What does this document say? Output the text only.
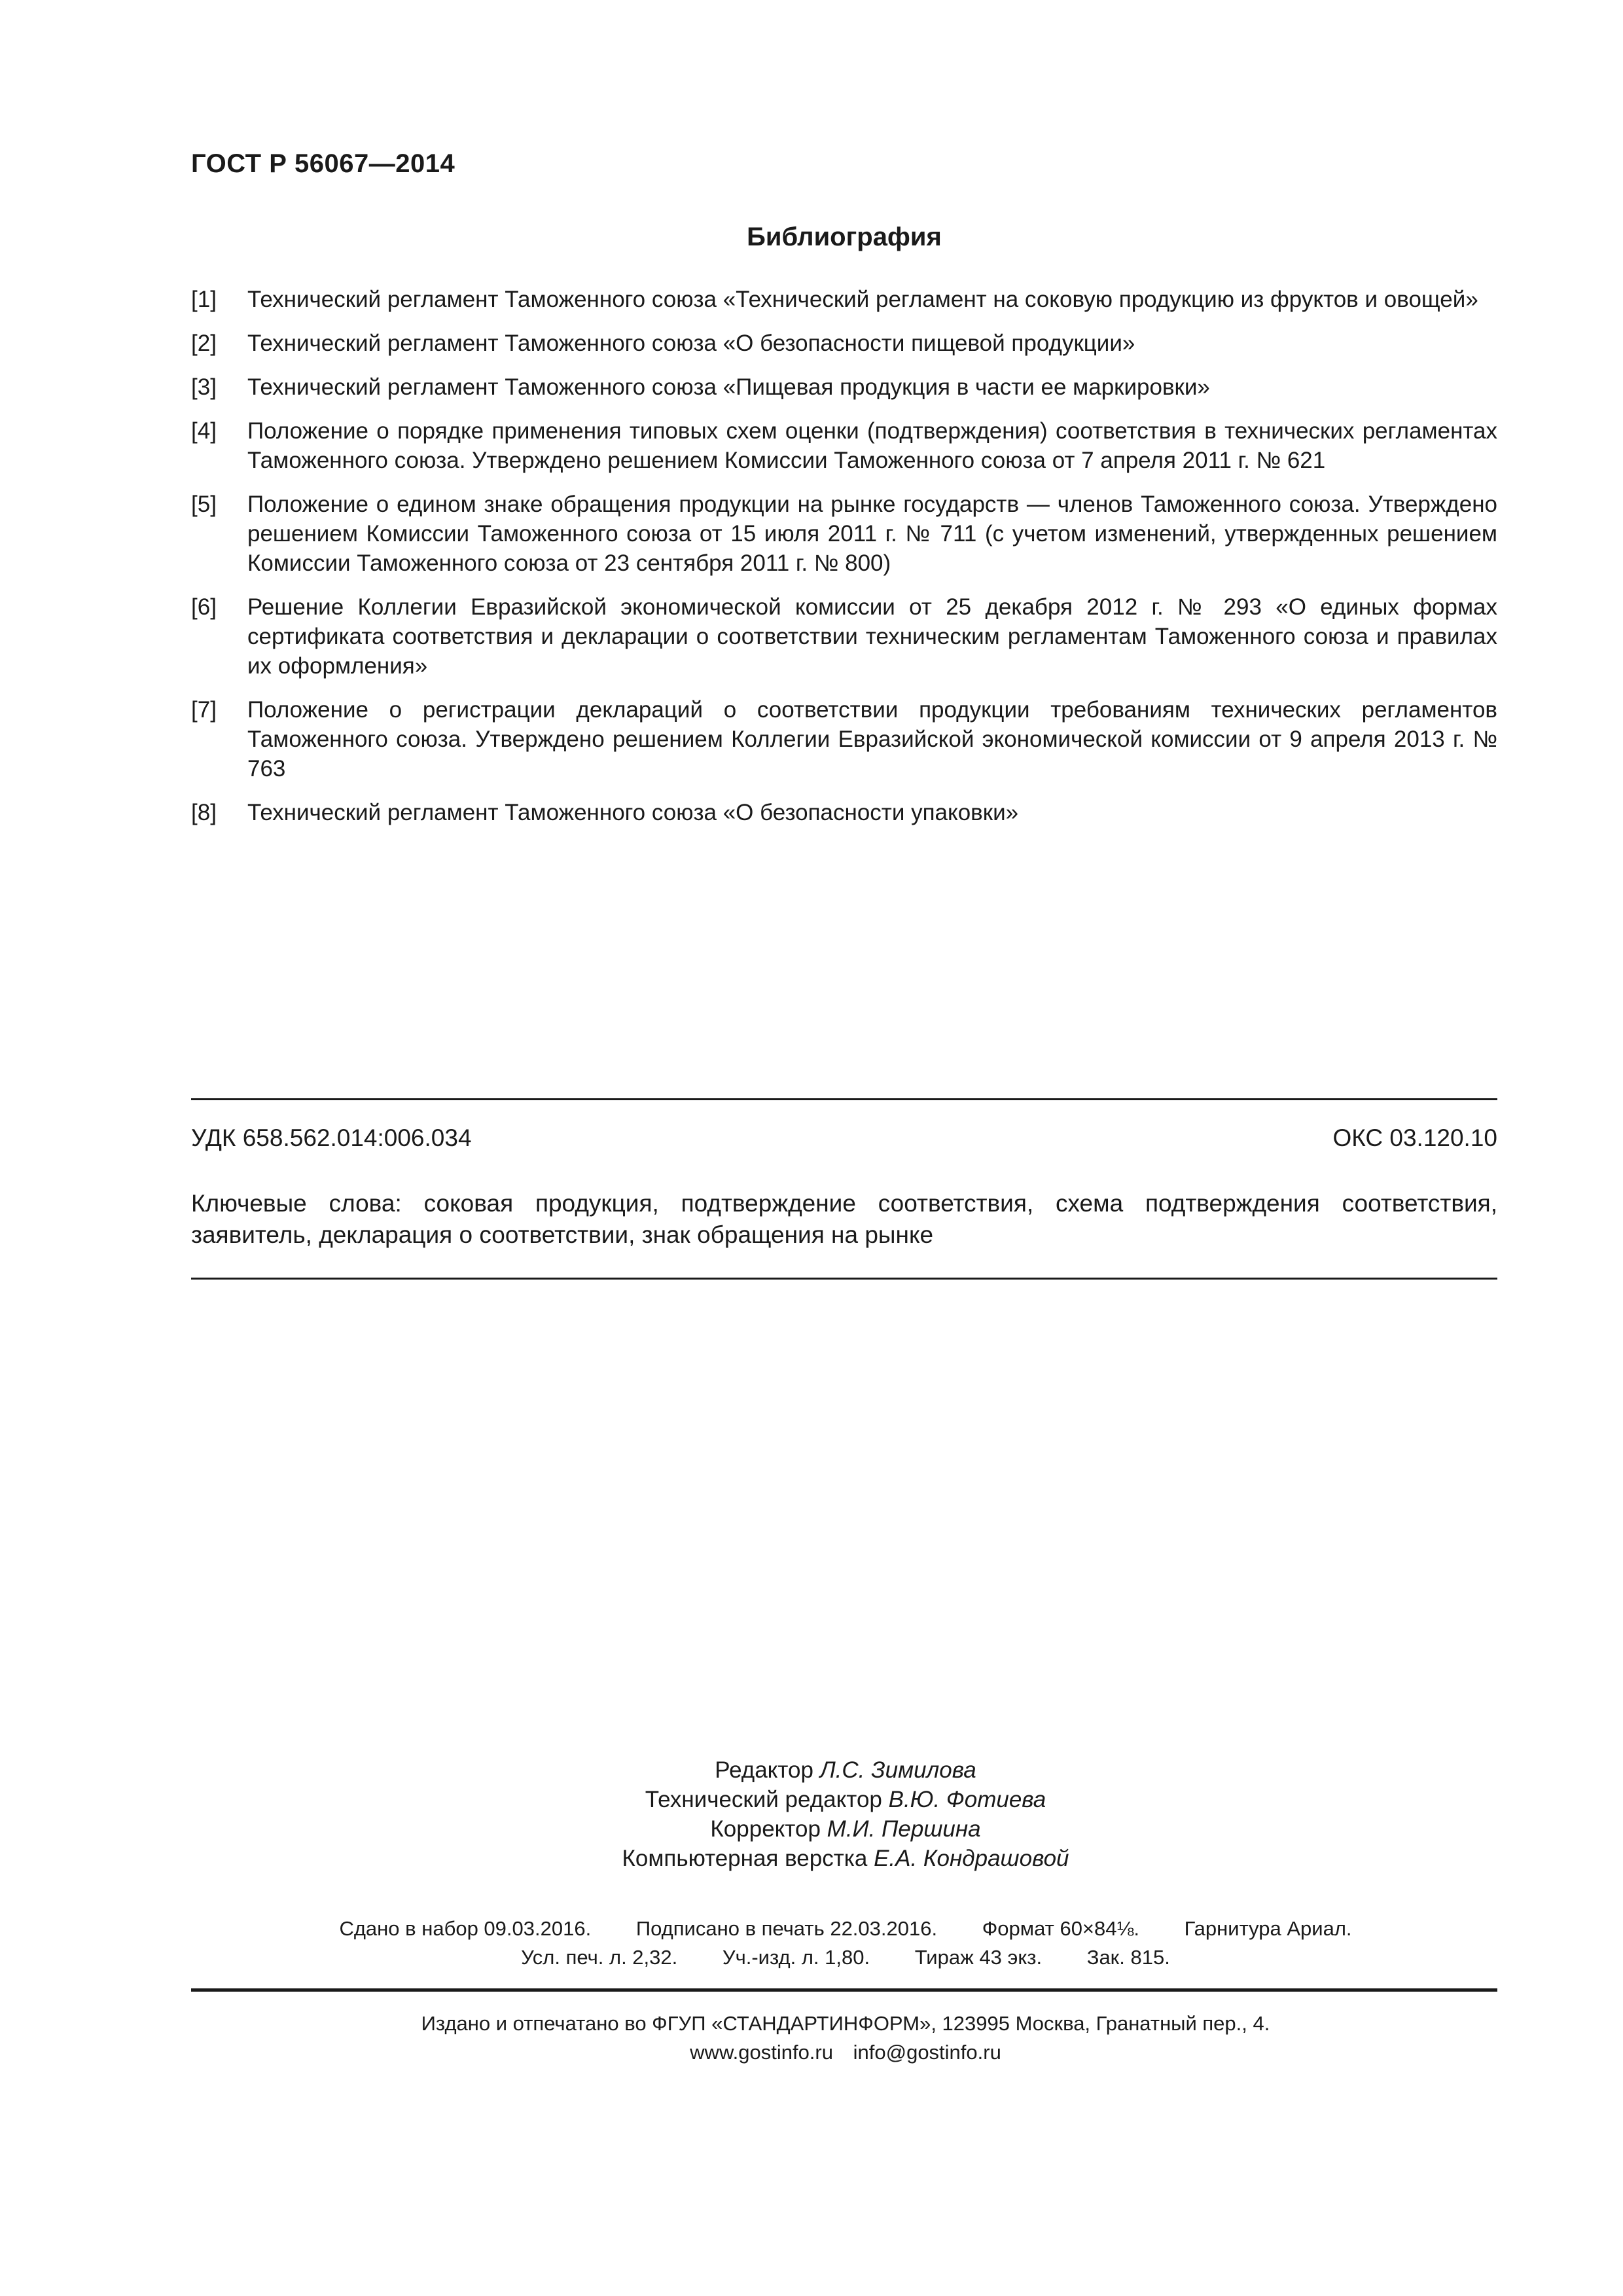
ГОСТ Р 56067—2014
Библиография
[1]	Технический регламент Таможенного союза «Технический регламент на соковую продукцию из фруктов и овощей»
[2]	Технический регламент Таможенного союза «О безопасности пищевой продукции»
[3]	Технический регламент Таможенного союза «Пищевая продукция в части ее маркировки»
[4]	Положение о порядке применения типовых схем оценки (подтверждения) соответствия в технических регламентах Таможенного союза. Утверждено решением Комиссии Таможенного союза от 7 апреля 2011 г. № 621
[5]	Положение о едином знаке обращения продукции на рынке государств — членов Таможенного союза. Утверждено решением Комиссии Таможенного союза от 15 июля 2011 г. № 711 (с учетом изменений, утвержденных решением Комиссии Таможенного союза от 23 сентября 2011 г. № 800)
[6]	Решение Коллегии Евразийской экономической комиссии от 25 декабря 2012 г. № 293 «О единых формах сертификата соответствия и декларации о соответствии техническим регламентам Таможенного союза и правилах их оформления»
[7]	Положение о регистрации деклараций о соответствии продукции требованиям технических регламентов Таможенного союза. Утверждено решением Коллегии Евразийской экономической комиссии от 9 апреля 2013 г. № 763
[8]	Технический регламент Таможенного союза «О безопасности упаковки»
УДК 658.562.014:006.034	ОКС 03.120.10
Ключевые слова: соковая продукция, подтверждение соответствия, схема подтверждения соответствия, заявитель, декларация о соответствии, знак обращения на рынке
Редактор Л.С. Зимилова
Технический редактор В.Ю. Фотиева
Корректор М.И. Першина
Компьютерная верстка Е.А. Кондрашовой
Сдано в набор 09.03.2016. Подписано в печать 22.03.2016. Формат 60×84⅛. Гарнитура Ариал.
Усл. печ. л. 2,32. Уч.-изд. л. 1,80. Тираж 43 экз. Зак. 815.
Издано и отпечатано во ФГУП «СТАНДАРТИНФОРМ», 123995 Москва, Гранатный пер., 4.
www.gostinfo.ru info@gostinfo.ru
